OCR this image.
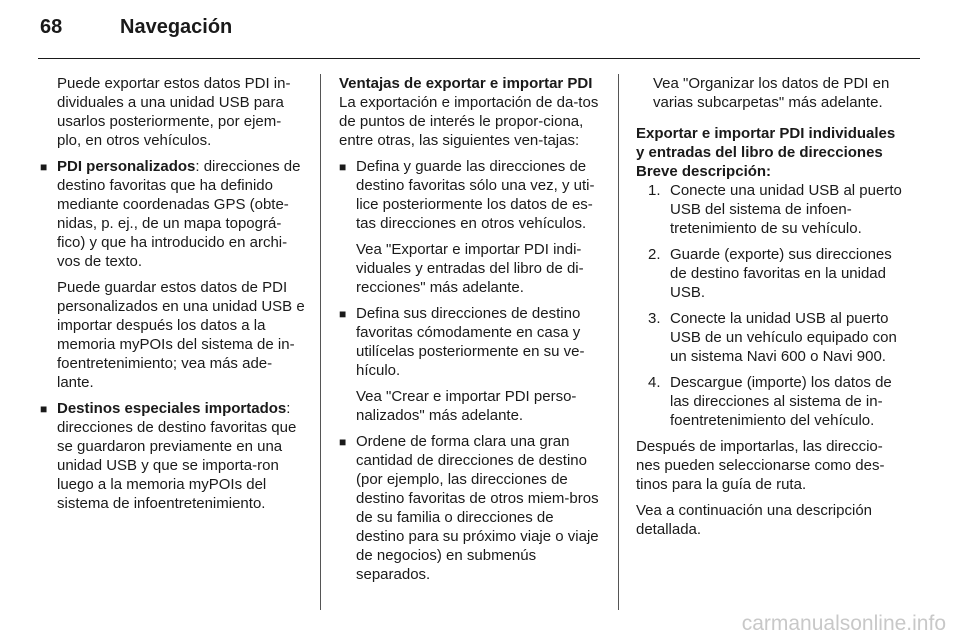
68	Navegación

Puede exportar estos datos PDI in-dividuales a una unidad USB para usarlos posteriormente, por ejem-plo, en otros vehículos.

■ PDI personalizados: direcciones de destino favoritas que ha definido mediante coordenadas GPS (obte-nidas, p. ej., de un mapa topográ-fico) y que ha introducido en archi-vos de texto.

Puede guardar estos datos de PDI personalizados en una unidad USB e importar después los datos a la memoria myPOIs del sistema de in-foentretenimiento; vea más ade-lante.

■ Destinos especiales importados: direcciones de destino favoritas que se guardaron previamente en una unidad USB y que se importa-ron luego a la memoria myPOIs del sistema de infoentretenimiento.

Ventajas de exportar e importar PDI

La exportación e importación de da-tos de puntos de interés le propor-ciona, entre otras, las siguientes ven-tajas:

■ Defina y guarde las direcciones de destino favoritas sólo una vez, y uti-lice posteriormente los datos de es-tas direcciones en otros vehículos.

Vea "Exportar e importar PDI indi-viduales y entradas del libro de di-recciones" más adelante.

■ Defina sus direcciones de destino favoritas cómodamente en casa y utilícelas posteriormente en su ve-hículo.

Vea "Crear e importar PDI perso-nalizados" más adelante.

■ Ordene de forma clara una gran cantidad de direcciones de destino (por ejemplo, las direcciones de destino favoritas de otros miem-bros de su familia o direcciones de destino para su próximo viaje o viaje de negocios) en submenús separados.

Vea "Organizar los datos de PDI en varias subcarpetas" más adelante.

Exportar e importar PDI individuales y entradas del libro de direcciones

Breve descripción:

1. Conecte una unidad USB al puerto USB del sistema de infoen-tretenimiento de su vehículo.

2. Guarde (exporte) sus direcciones de destino favoritas en la unidad USB.

3. Conecte la unidad USB al puerto USB de un vehículo equipado con un sistema Navi 600 o Navi 900.

4. Descargue (importe) los datos de las direcciones al sistema de in-foentretenimiento del vehículo.

Después de importarlas, las direccio-nes pueden seleccionarse como des-tinos para la guía de ruta.

Vea a continuación una descripción detallada.

carmanualsonline.info
